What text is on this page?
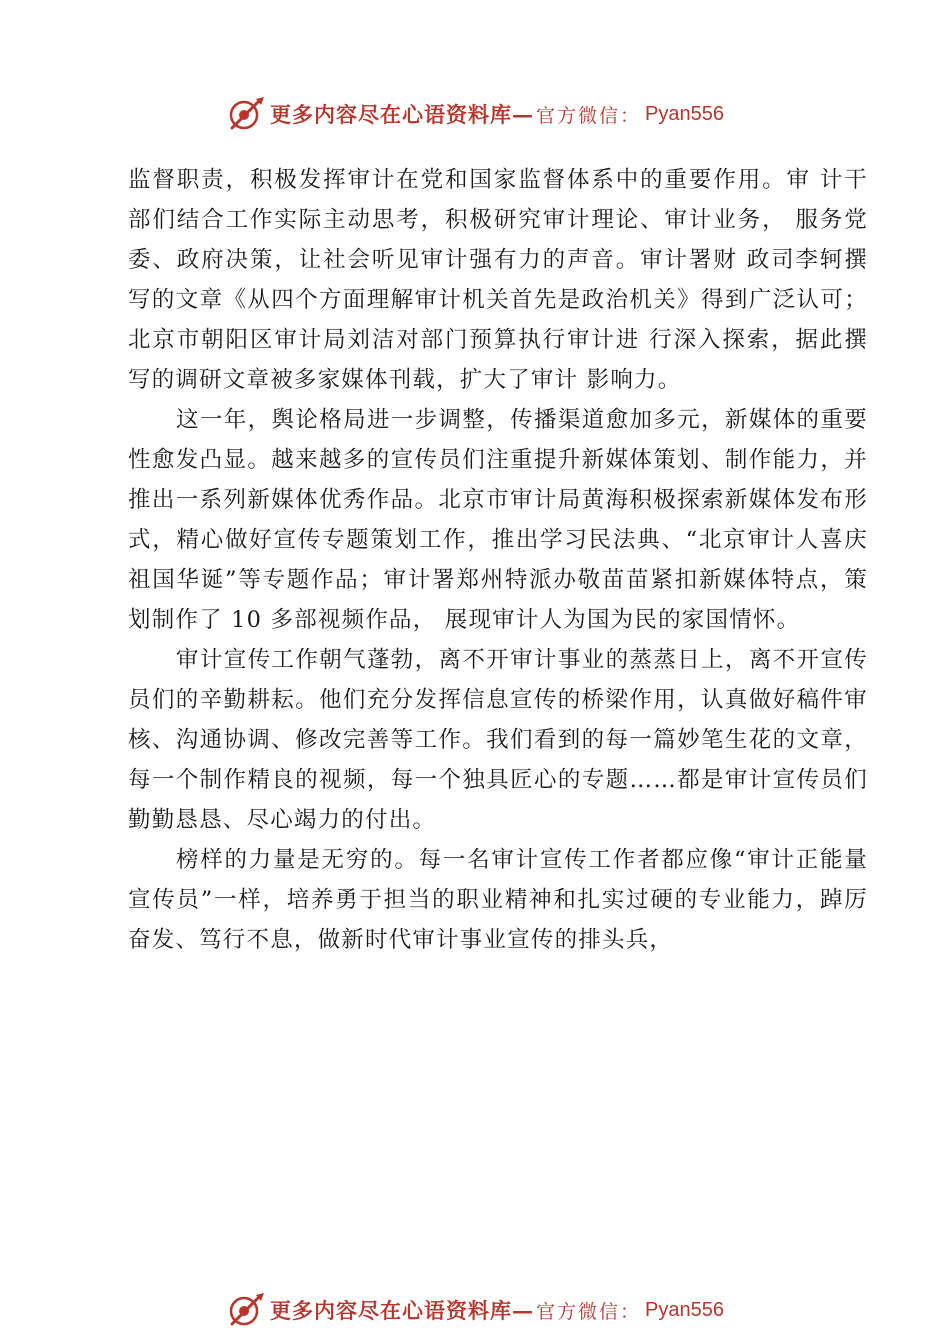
更多内容尽在心语资料库— 官方微信： Pyan556

监督职责，积极发挥审计在党和国家监督体系中的重要作用。审 计干部们结合工作实际主动思考，积极研究审计理论、审计业务， 服务党委、政府决策，让社会听见审计强有力的声音。审计署财 政司李轲撰写的文章《从四个方面理解审计机关首先是政治机关》得到广泛认可；北京市朝阳区审计局刘洁对部门预算执行审计进 行深入探索，据此撰写的调研文章被多家媒体刊载，扩大了审计 影响力。

这一年，舆论格局进一步调整，传播渠道愈加多元，新媒体的重要性愈发凸显。越来越多的宣传员们注重提升新媒体策划、制作能力，并推出一系列新媒体优秀作品。北京市审计局黄海积极探索新媒体发布形式，精心做好宣传专题策划工作，推出学习民法典、“北京审计人喜庆祖国华诞”等专题作品；审计署郑州特派办敬苗苗紧扣新媒体特点，策划制作了 10 多部视频作品， 展现审计人为国为民的家国情怀。

审计宣传工作朝气蓬勃，离不开审计事业的蒸蒸日上，离不开宣传员们的辛勤耕耘。他们充分发挥信息宣传的桥梁作用，认真做好稿件审核、沟通协调、修改完善等工作。我们看到的每一篇妙笔生花的文章，每一个制作精良的视频，每一个独具匠心的专题……都是审计宣传员们勤勤恳恳、尽心竭力的付出。

榜样的力量是无穷的。每一名审计宣传工作者都应像“审计正能量宣传员”一样，培养勇于担当的职业精神和扎实过硬的专业能力，踔厉奋发、笃行不息，做新时代审计事业宣传的排头兵，

更多内容尽在心语资料库— 官方微信： Pyan556
